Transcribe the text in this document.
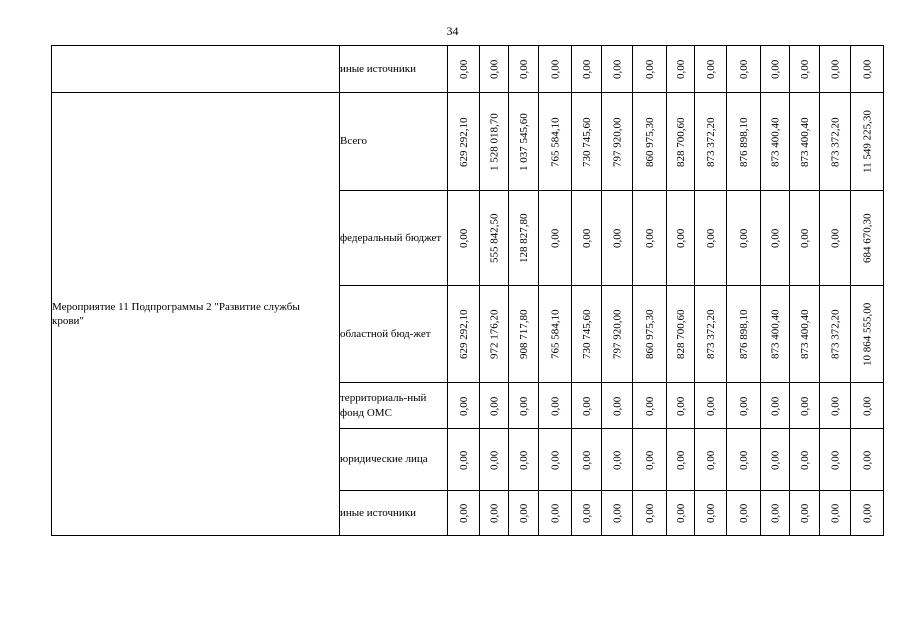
34
	иные источники	0,00	0,00	0,00	0,00	0,00	0,00	0,00	0,00	0,00	0,00	0,00	0,00	0,00	0,00

Мероприятие 11 Подпрограммы 2 "Развитие службы крови"	Всего	629 292,10	1 528 018,70	1 037 545,60	765 584,10	730 745,60	797 920,00	860 975,30	828 700,60	873 372,20	876 898,10	873 400,40	873 400,40	873 372,20	11 549 225,30
	федеральный бюджет	0,00	555 842,50	128 827,80	0,00	0,00	0,00	0,00	0,00	0,00	0,00	0,00	0,00	0,00	684 670,30
	областной бюд-жет	629 292,10	972 176,20	908 717,80	765 584,10	730 745,60	797 920,00	860 975,30	828 700,60	873 372,20	876 898,10	873 400,40	873 400,40	873 372,20	10 864 555,00
	территориаль-ный фонд ОМС	0,00	0,00	0,00	0,00	0,00	0,00	0,00	0,00	0,00	0,00	0,00	0,00	0,00	0,00
	юридические лица	0,00	0,00	0,00	0,00	0,00	0,00	0,00	0,00	0,00	0,00	0,00	0,00	0,00	0,00
	иные источники	0,00	0,00	0,00	0,00	0,00	0,00	0,00	0,00	0,00	0,00	0,00	0,00	0,00	0,00
